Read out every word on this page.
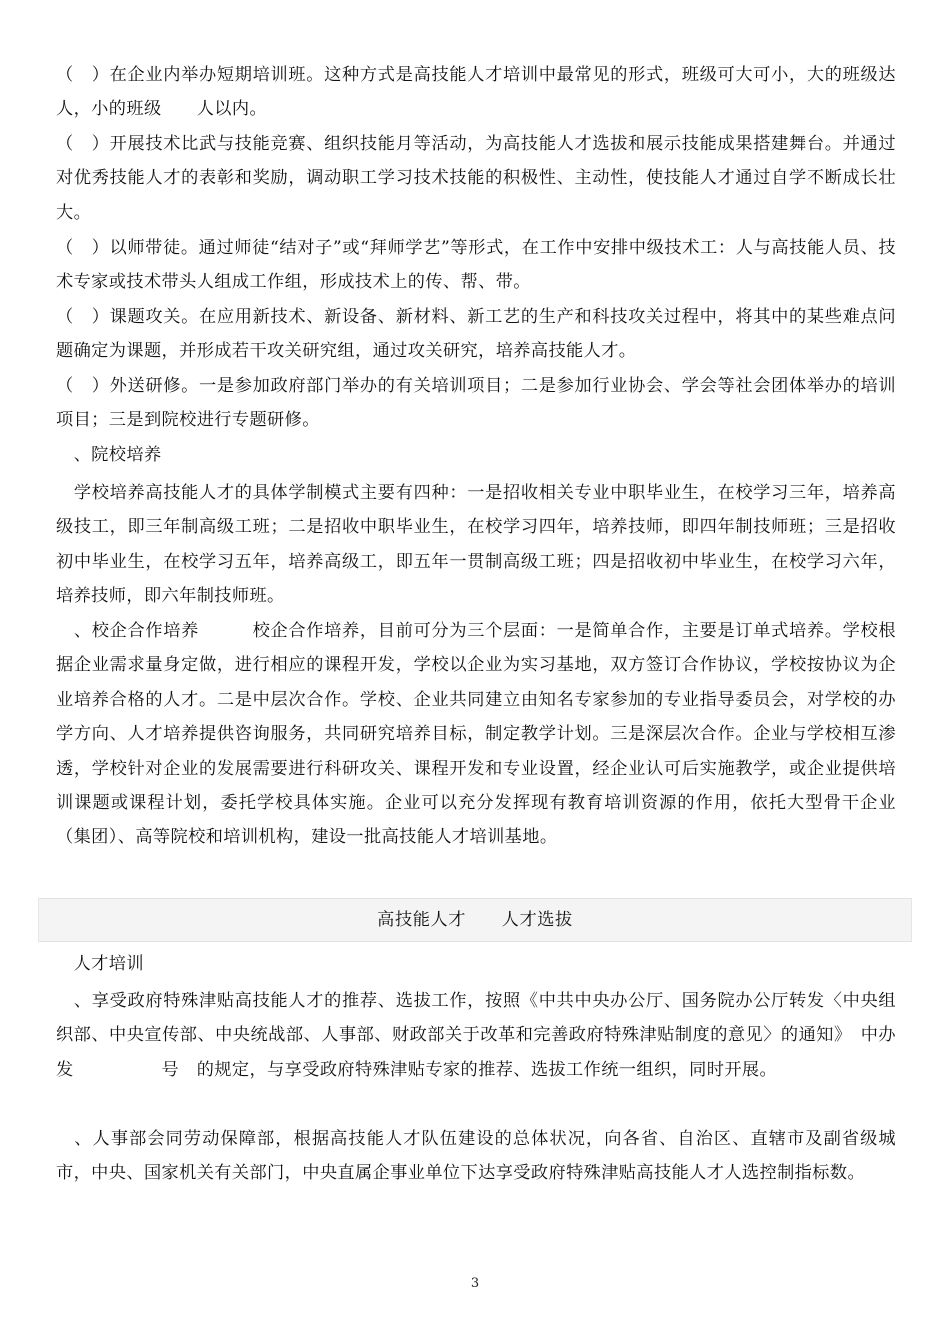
（　）在企业内举办短期培训班。这种方式是高技能人才培训中最常见的形式，班级可大可小，大的班级达　　　人，小的班级　　人以内。

（　）开展技术比武与技能竞赛、组织技能月等活动，为高技能人才选拔和展示技能成果搭建舞台。并通过对优秀技能人才的表彰和奖励，调动职工学习技术技能的积极性、主动性，使技能人才通过自学不断成长壮大。

（　）以师带徒。通过师徒“结对子”或“拜师学艺”等形式，在工作中安排中级技术工：人与高技能人员、技术专家或技术带头人组成工作组，形成技术上的传、帮、带。

（　）课题攻关。在应用新技术、新设备、新材料、新工艺的生产和科技攻关过程中，将其中的某些难点问题确定为课题，并形成若干攻关研究组，通过攻关研究，培养高技能人才。

（　）外送研修。一是参加政府部门举办的有关培训项目；二是参加行业协会、学会等社会团体举办的培训项目；三是到院校进行专题研修。

　、院校培养

　学校培养高技能人才的具体学制模式主要有四种：一是招收相关专业中职毕业生，在校学习三年，培养高级技工，即三年制高级工班；二是招收中职毕业生，在校学习四年，培养技师，即四年制技师班；三是招收初中毕业生，在校学习五年，培养高级工，即五年一贯制高级工班；四是招收初中毕业生，在校学习六年，培养技师，即六年制技师班。

　、校企合作培养　　　校企合作培养，目前可分为三个层面：一是简单合作，主要是订单式培养。学校根据企业需求量身定做，进行相应的课程开发，学校以企业为实习基地，双方签订合作协议，学校按协议为企业培养合格的人才。二是中层次合作。学校、企业共同建立由知名专家参加的专业指导委员会，对学校的办学方向、人才培养提供咨询服务，共同研究培养目标，制定教学计划。三是深层次合作。企业与学校相互渗透，学校针对企业的发展需要进行科研攻关、课程开发和专业设置，经企业认可后实施教学，或企业提供培训课题或课程计划，委托学校具体实施。企业可以充分发挥现有教育培训资源的作用，依托大型骨干企业（集团）、高等院校和培训机构，建设一批高技能人才培训基地。

高技能人才　　人才选拔

　人才培训

　、享受政府特殊津贴高技能人才的推荐、选拔工作，按照《中共中央办公厅、国务院办公厅转发〈中央组织部、中央宣传部、中央统战部、人事部、财政部关于改革和完善政府特殊津贴制度的意见〉的通知》　中办发　　　　　号　的规定，与享受政府特殊津贴专家的推荐、选拔工作统一组织，同时开展。

　、人事部会同劳动保障部，根据高技能人才队伍建设的总体状况，向各省、自治区、直辖市及副省级城市，中央、国家机关有关部门，中央直属企事业单位下达享受政府特殊津贴高技能人才人选控制指标数。

3
